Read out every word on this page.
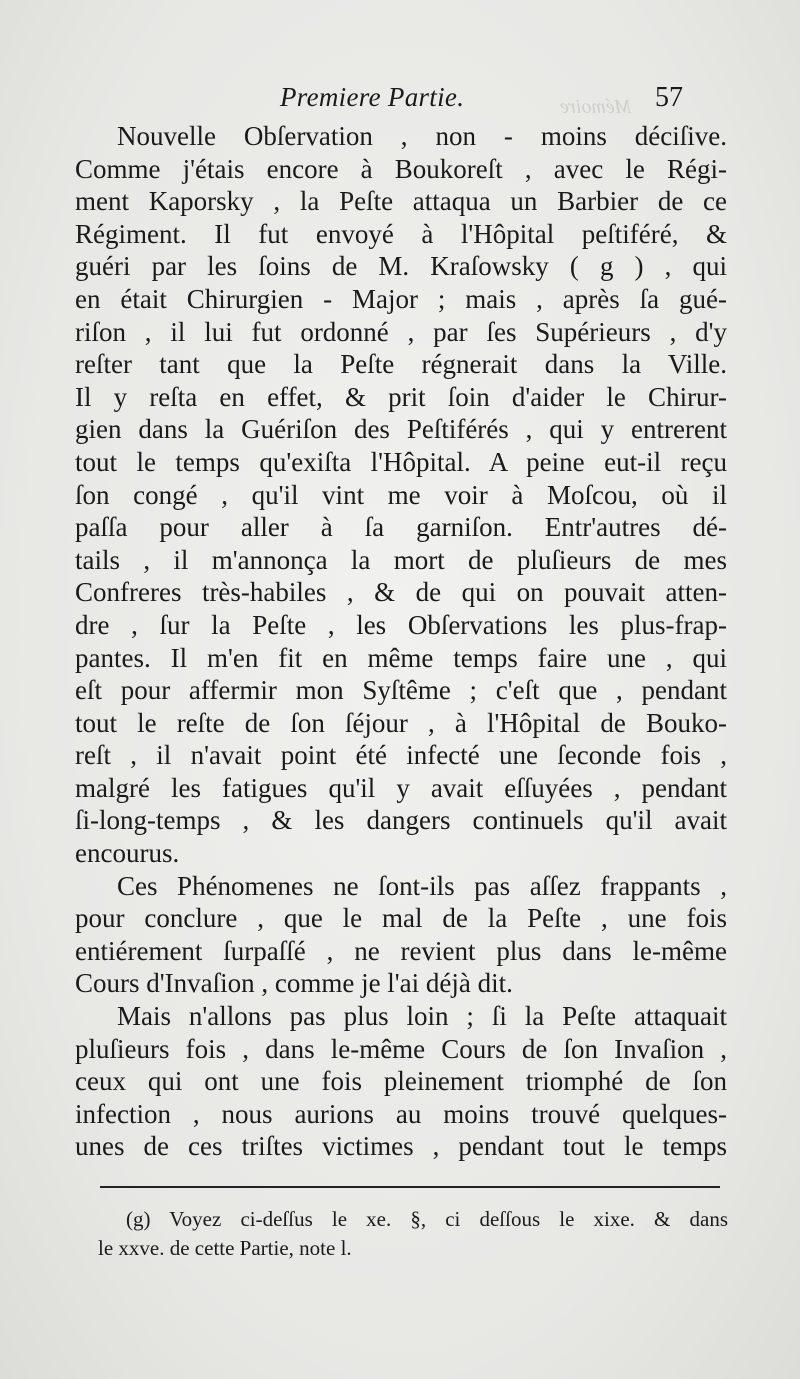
Mémoire
Premiere Partie.	57
Nouvelle Obſervation , non - moins déciſive.
Comme j'étais encore à Boukoreſt , avec le Régi-
ment Kaporsky , la Peſte attaqua un Barbier de ce
Régiment. Il fut envoyé à l'Hôpital peſtiféré, &
guéri par les ſoins de M. Kraſowsky ( g ) , qui
en était Chirurgien - Major ; mais , après ſa gué-
riſon , il lui fut ordonné , par ſes Supérieurs , d'y
reſter tant que la Peſte régnerait dans la Ville.
Il y reſta en effet, & prit ſoin d'aider le Chirur-
gien dans la Guériſon des Peſtiférés , qui y entrerent
tout le temps qu'exiſta l'Hôpital. A peine eut-il reçu
ſon congé , qu'il vint me voir à Moſcou, où il
paſſa pour aller à ſa garniſon. Entr'autres dé-
tails , il m'annonça la mort de pluſieurs de mes
Confreres très-habiles , & de qui on pouvait atten-
dre , ſur la Peſte , les Obſervations les plus-frap-
pantes. Il m'en fit en même temps faire une , qui
eſt pour affermir mon Syſtême ; c'eſt que , pendant
tout le reſte de ſon ſéjour , à l'Hôpital de Bouko-
reſt , il n'avait point été infecté une ſeconde fois ,
malgré les fatigues qu'il y avait eſſuyées , pendant
ſi-long-temps , & les dangers continuels qu'il avait
encourus.
Ces Phénomenes ne ſont-ils pas aſſez frappants ,
pour conclure , que le mal de la Peſte , une fois
entiérement ſurpaſſé , ne revient plus dans le-même
Cours d'Invaſion , comme je l'ai déjà dit.
Mais n'allons pas plus loin ; ſi la Peſte attaquait
pluſieurs fois , dans le-même Cours de ſon Invaſion ,
ceux qui ont une fois pleinement triomphé de ſon
infection , nous aurions au moins trouvé quelques-
unes de ces triſtes victimes , pendant tout le temps
(g) Voyez ci-deſſus le xe. §, ci deſſous le xixe. & dans
le xxve. de cette Partie, note l.
